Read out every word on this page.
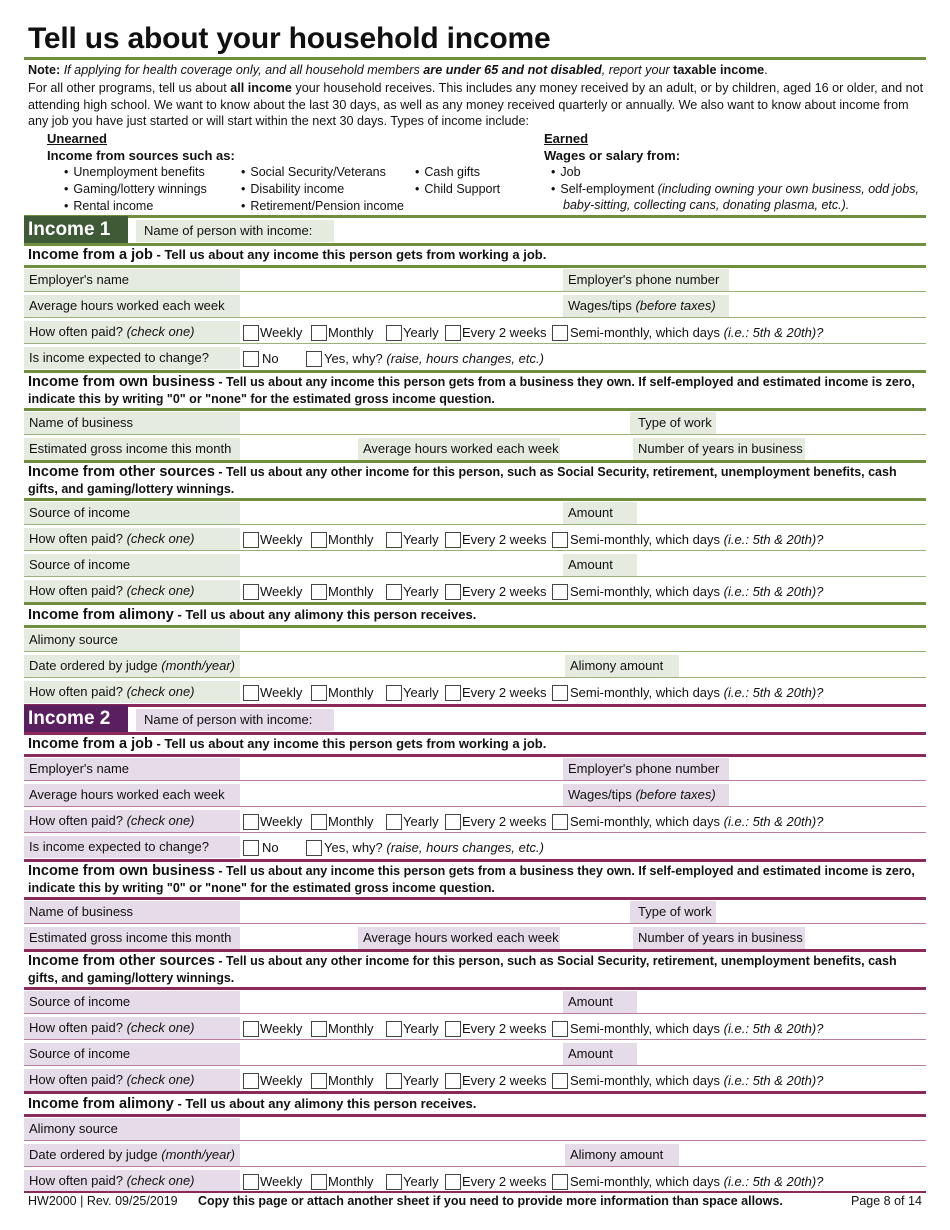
Tell us about your household income
Note: If applying for health coverage only, and all household members are under 65 and not disabled, report your taxable income.
For all other programs, tell us about all income your household receives. This includes any money received by an adult, or by children, aged 16 or older, and not attending high school. We want to know about the last 30 days, as well as any money received quarterly or annually. We also want to know about income from any job you have just started or will start within the next 30 days. Types of income include:
Unearned
Income from sources such as:
• Unemployment benefits
• Gaming/lottery winnings
• Rental income
• Social Security/Veterans
• Disability income
• Retirement/Pension income
• Cash gifts
• Child Support
Earned
Wages or salary from:
• Job
• Self-employment (including owning your own business, odd jobs,
baby-sitting, collecting cans, donating plasma, etc.).
Income 1	Name of person with income:
Income from a job - Tell us about any income this person gets from working a job.
Employer's name	Employer's phone number
Average hours worked each week	Wages/tips (before taxes)
How often paid? (check one)	Weekly Monthly Yearly Every 2 weeks Semi-monthly, which days (i.e.: 5th & 20th)?
Is income expected to change?	No	Yes, why? (raise, hours changes, etc.)
Income from own business - Tell us about any income this person gets from a business they own. If self-employed and estimated income is zero, indicate this by writing "0" or "none" for the estimated gross income question.
Name of business	Type of work
Estimated gross income this month	Average hours worked each week	Number of years in business
Income from other sources - Tell us about any other income for this person, such as Social Security, retirement, unemployment benefits, cash gifts, and gaming/lottery winnings.
Source of income	Amount
How often paid? (check one)	Weekly Monthly Yearly Every 2 weeks Semi-monthly, which days (i.e.: 5th & 20th)?
Source of income	Amount
How often paid? (check one)	Weekly Monthly Yearly Every 2 weeks Semi-monthly, which days (i.e.: 5th & 20th)?
Income from alimony - Tell us about any alimony this person receives.
Alimony source
Date ordered by judge (month/year)	Alimony amount
How often paid? (check one)	Weekly Monthly Yearly Every 2 weeks Semi-monthly, which days (i.e.: 5th & 20th)?
Income 2	Name of person with income:
Income from a job - Tell us about any income this person gets from working a job.
Employer's name	Employer's phone number
Average hours worked each week	Wages/tips (before taxes)
How often paid? (check one)	Weekly Monthly Yearly Every 2 weeks Semi-monthly, which days (i.e.: 5th & 20th)?
Is income expected to change?	No	Yes, why? (raise, hours changes, etc.)
Income from own business - Tell us about any income this person gets from a business they own. If self-employed and estimated income is zero, indicate this by writing "0" or "none" for the estimated gross income question.
Name of business	Type of work
Estimated gross income this month	Average hours worked each week	Number of years in business
Income from other sources - Tell us about any other income for this person, such as Social Security, retirement, unemployment benefits, cash gifts, and gaming/lottery winnings.
Source of income	Amount
How often paid? (check one)	Weekly Monthly Yearly Every 2 weeks Semi-monthly, which days (i.e.: 5th & 20th)?
Source of income	Amount
How often paid? (check one)	Weekly Monthly Yearly Every 2 weeks Semi-monthly, which days (i.e.: 5th & 20th)?
Income from alimony - Tell us about any alimony this person receives.
Alimony source
Date ordered by judge (month/year)	Alimony amount
How often paid? (check one)	Weekly Monthly Yearly Every 2 weeks Semi-monthly, which days (i.e.: 5th & 20th)?
HW2000 | Rev. 09/25/2019 Copy this page or attach another sheet if you need to provide more information than space allows.	Page 8 of 14
